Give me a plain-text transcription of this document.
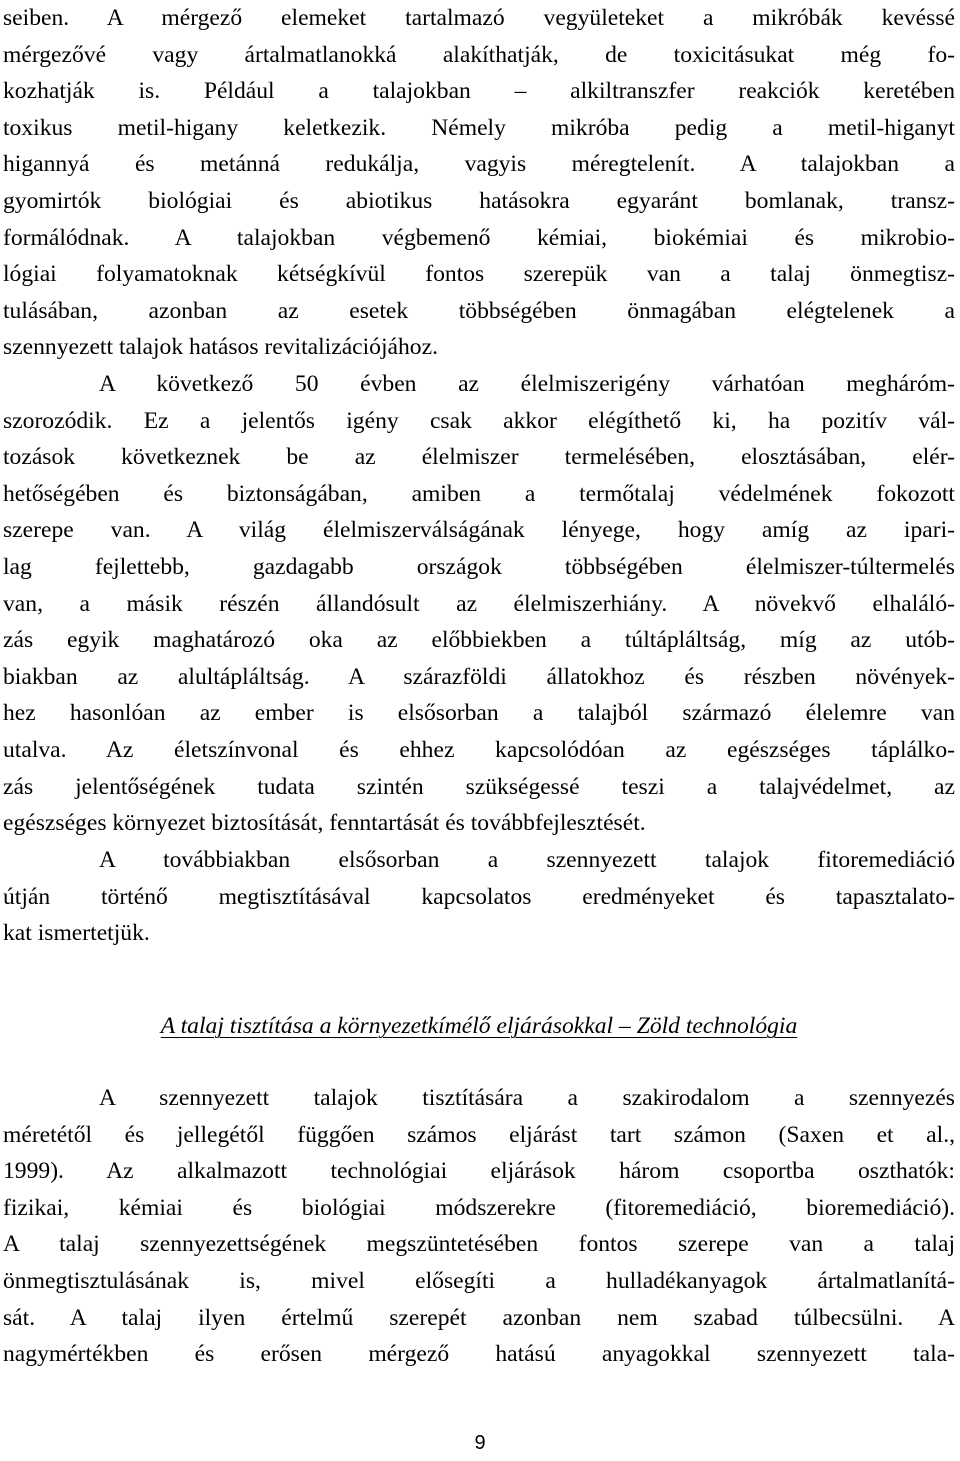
seiben. A mérgező elemeket tartalmazó vegyületeket a mikróbák kevéssé

mérgezővé vagy ártalmatlanokká alakíthatják, de toxicitásukat még fo-

kozhatják is. Például a talajokban – alkiltranszfer reakciók keretében

toxikus metil-higany keletkezik. Némely mikróba pedig a metil-higanyt

higannyá és metánná redukálja, vagyis méregtelenít. A talajokban a

gyomirtók biológiai és abiotikus hatásokra egyaránt bomlanak, transz-

formálódnak. A talajokban végbemenő kémiai, biokémiai és mikrobio-

lógiai folyamatoknak kétségkívül fontos szerepük van a talaj önmegtisz-

tulásában, azonban az esetek többségében önmagában elégtelenek a

szennyezett talajok hatásos revitalizációjához.

A következő 50 évben az élelmiszerigény várhatóan megháróm-

szorozódik. Ez a jelentős igény csak akkor elégíthető ki, ha pozitív vál-

tozások következnek be az élelmiszer termelésében, elosztásában, elér-

hetőségében és biztonságában, amiben a termőtalaj védelmének fokozott

szerepe van. A világ élelmiszerválságának lényege, hogy amíg az ipari-

lag fejlettebb, gazdagabb országok többségében élelmiszer-túltermelés

van, a másik részén állandósult az élelmiszerhiány. A növekvő elhaláló-

zás egyik maghatározó oka az előbbiekben a túltápláltság, míg az utób-

biakban az alultápláltság. A szárazföldi állatokhoz és részben növények-

hez hasonlóan az ember is elsősorban a talajból származó élelemre van

utalva. Az életszínvonal és ehhez kapcsolódóan az egészséges táplálko-

zás jelentőségének tudata szintén szükségessé teszi a talajvédelmet, az

egészséges környezet biztosítását, fenntartását és továbbfejlesztését.

A továbbiakban elsősorban a szennyezett talajok fitoremediáció

útján történő megtisztításával kapcsolatos eredményeket és tapasztalato-

kat ismertetjük.

A talaj tisztítása a környezetkímélő eljárásokkal – Zöld technológia

A szennyezett talajok tisztítására a szakirodalom a szennyezés

méretétől és jellegétől függően számos eljárást tart számon (Saxen et al.,

1999). Az alkalmazott technológiai eljárások három csoportba oszthatók:

fizikai, kémiai és biológiai módszerekre (fitoremediáció, bioremediáció).

A talaj szennyezettségének megszüntetésében fontos szerepe van a talaj

önmegtisztulásának is, mivel elősegíti a hulladékanyagok ártalmatlanítá-

sát. A talaj ilyen értelmű szerepét azonban nem szabad túlbecsülni. A

nagymértékben és erősen mérgező hatású anyagokkal szennyezett tala-

9
